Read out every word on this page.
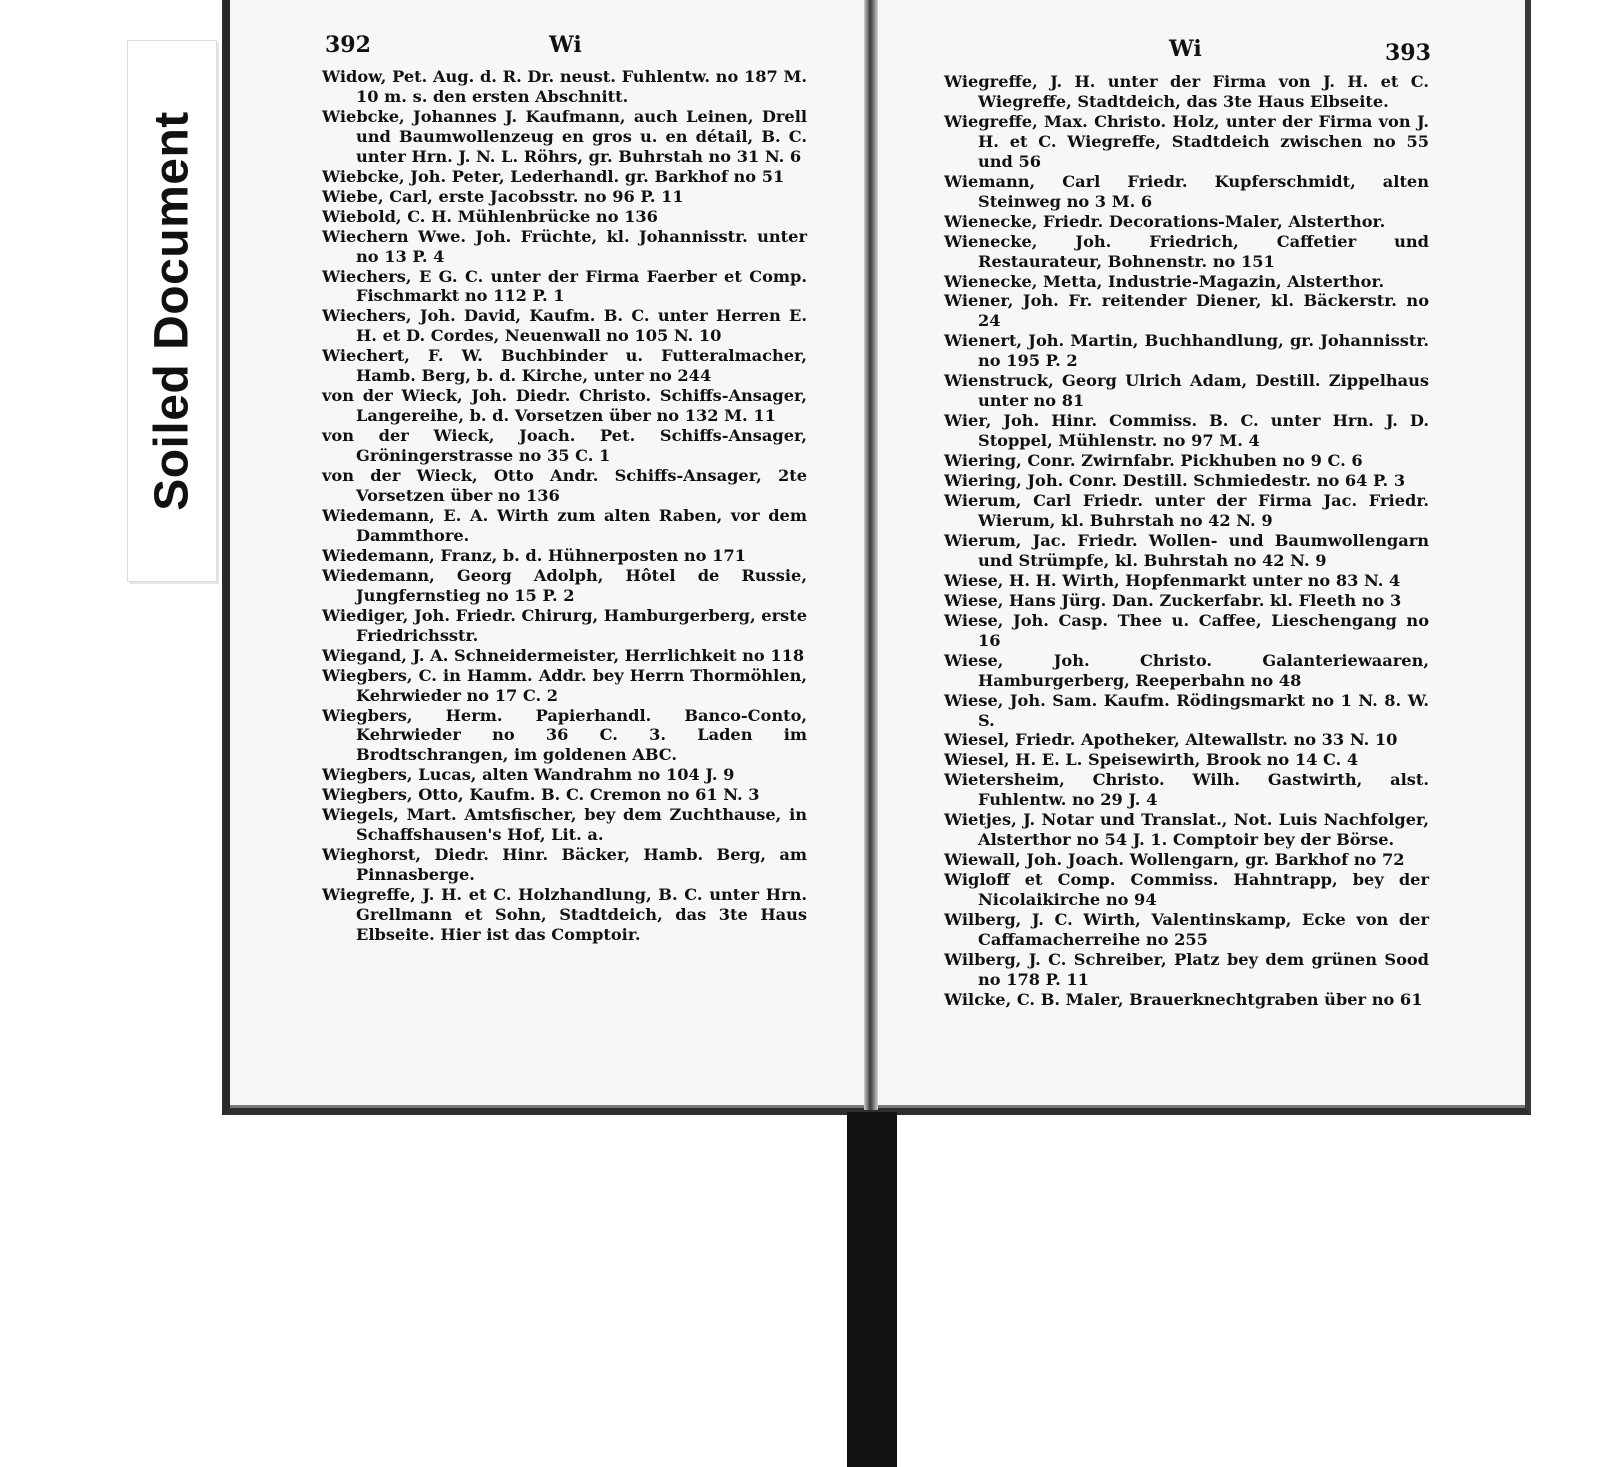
Soiled Document
392	Wi

Widow, Pet. Aug. d. R. Dr. neust. Fuhlentw. no 187 M. 10 m. s. den ersten Abschnitt.

Wiebcke, Johannes J. Kaufmann, auch Leinen, Drell und Baumwollenzeug en gros u. en détail, B. C. unter Hrn. J. N. L. Röhrs, gr. Buhrstah no 31 N. 6

Wiebcke, Joh. Peter, Lederhandl. gr. Barkhof no 51

Wiebe, Carl, erste Jacobsstr. no 96 P. 11

Wiebold, C. H. Mühlenbrücke no 136

Wiechern Wwe. Joh. Früchte, kl. Johannisstr. unter no 13 P. 4

Wiechers, E G. C. unter der Firma Faerber et Comp. Fischmarkt no 112 P. 1

Wiechers, Joh. David, Kaufm. B. C. unter Herren E. H. et D. Cordes, Neuenwall no 105 N. 10

Wiechert, F. W. Buchbinder u. Futteralmacher, Hamb. Berg, b. d. Kirche, unter no 244

von der Wieck, Joh. Diedr. Christo. Schiffs-Ansager, Langereihe, b. d. Vorsetzen über no 132 M. 11

von der Wieck, Joach. Pet. Schiffs-Ansager, Gröningerstrasse no 35 C. 1

von der Wieck, Otto Andr. Schiffs-Ansager, 2te Vorsetzen über no 136

Wiedemann, E. A. Wirth zum alten Raben, vor dem Dammthore.

Wiedemann, Franz, b. d. Hühnerposten no 171

Wiedemann, Georg Adolph, Hôtel de Russie, Jungfernstieg no 15 P. 2

Wiediger, Joh. Friedr. Chirurg, Hamburgerberg, erste Friedrichsstr.

Wiegand, J. A. Schneidermeister, Herrlichkeit no 118

Wiegbers, C. in Hamm. Addr. bey Herrn Thormöhlen, Kehrwieder no 17 C. 2

Wiegbers, Herm. Papierhandl. Banco-Conto, Kehrwieder no 36 C. 3. Laden im Brodtschrangen, im goldenen ABC.

Wiegbers, Lucas, alten Wandrahm no 104 J. 9

Wiegbers, Otto, Kaufm. B. C. Cremon no 61 N. 3

Wiegels, Mart. Amtsfischer, bey dem Zuchthause, in Schaffshausen's Hof, Lit. a.

Wieghorst, Diedr. Hinr. Bäcker, Hamb. Berg, am Pinnasberge.

Wiegreffe, J. H. et C. Holzhandlung, B. C. unter Hrn. Grellmann et Sohn, Stadtdeich, das 3te Haus Elbseite. Hier ist das Comptoir.

Wi	393

Wiegreffe, J. H. unter der Firma von J. H. et C. Wiegreffe, Stadtdeich, das 3te Haus Elbseite.

Wiegreffe, Max. Christo. Holz, unter der Firma von J. H. et C. Wiegreffe, Stadtdeich zwischen no 55 und 56

Wiemann, Carl Friedr. Kupferschmidt, alten Steinweg no 3 M. 6

Wienecke, Friedr. Decorations-Maler, Alsterthor.

Wienecke, Joh. Friedrich, Caffetier und Restaurateur, Bohnenstr. no 151

Wienecke, Metta, Industrie-Magazin, Alsterthor.

Wiener, Joh. Fr. reitender Diener, kl. Bäckerstr. no 24

Wienert, Joh. Martin, Buchhandlung, gr. Johannisstr. no 195 P. 2

Wienstruck, Georg Ulrich Adam, Destill. Zippelhaus unter no 81

Wier, Joh. Hinr. Commiss. B. C. unter Hrn. J. D. Stoppel, Mühlenstr. no 97 M. 4

Wiering, Conr. Zwirnfabr. Pickhuben no 9 C. 6

Wiering, Joh. Conr. Destill. Schmiedestr. no 64 P. 3

Wierum, Carl Friedr. unter der Firma Jac. Friedr. Wierum, kl. Buhrstah no 42 N. 9

Wierum, Jac. Friedr. Wollen- und Baumwollengarn und Strümpfe, kl. Buhrstah no 42 N. 9

Wiese, H. H. Wirth, Hopfenmarkt unter no 83 N. 4

Wiese, Hans Jürg. Dan. Zuckerfabr. kl. Fleeth no 3

Wiese, Joh. Casp. Thee u. Caffee, Lieschengang no 16

Wiese, Joh. Christo. Galanteriewaaren, Hamburgerberg, Reeperbahn no 48

Wiese, Joh. Sam. Kaufm. Rödingsmarkt no 1 N. 8. W. S.

Wiesel, Friedr. Apotheker, Altewallstr. no 33 N. 10

Wiesel, H. E. L. Speisewirth, Brook no 14 C. 4

Wietersheim, Christo. Wilh. Gastwirth, alst. Fuhlentw. no 29 J. 4

Wietjes, J. Notar und Translat., Not. Luis Nachfolger, Alsterthor no 54 J. 1. Comptoir bey der Börse.

Wiewall, Joh. Joach. Wollengarn, gr. Barkhof no 72

Wigloff et Comp. Commiss. Hahntrapp, bey der Nicolaikirche no 94

Wilberg, J. C. Wirth, Valentinskamp, Ecke von der Caffamacherreihe no 255

Wilberg, J. C. Schreiber, Platz bey dem grünen Sood no 178 P. 11

Wilcke, C. B. Maler, Brauerknechtgraben über no 61
